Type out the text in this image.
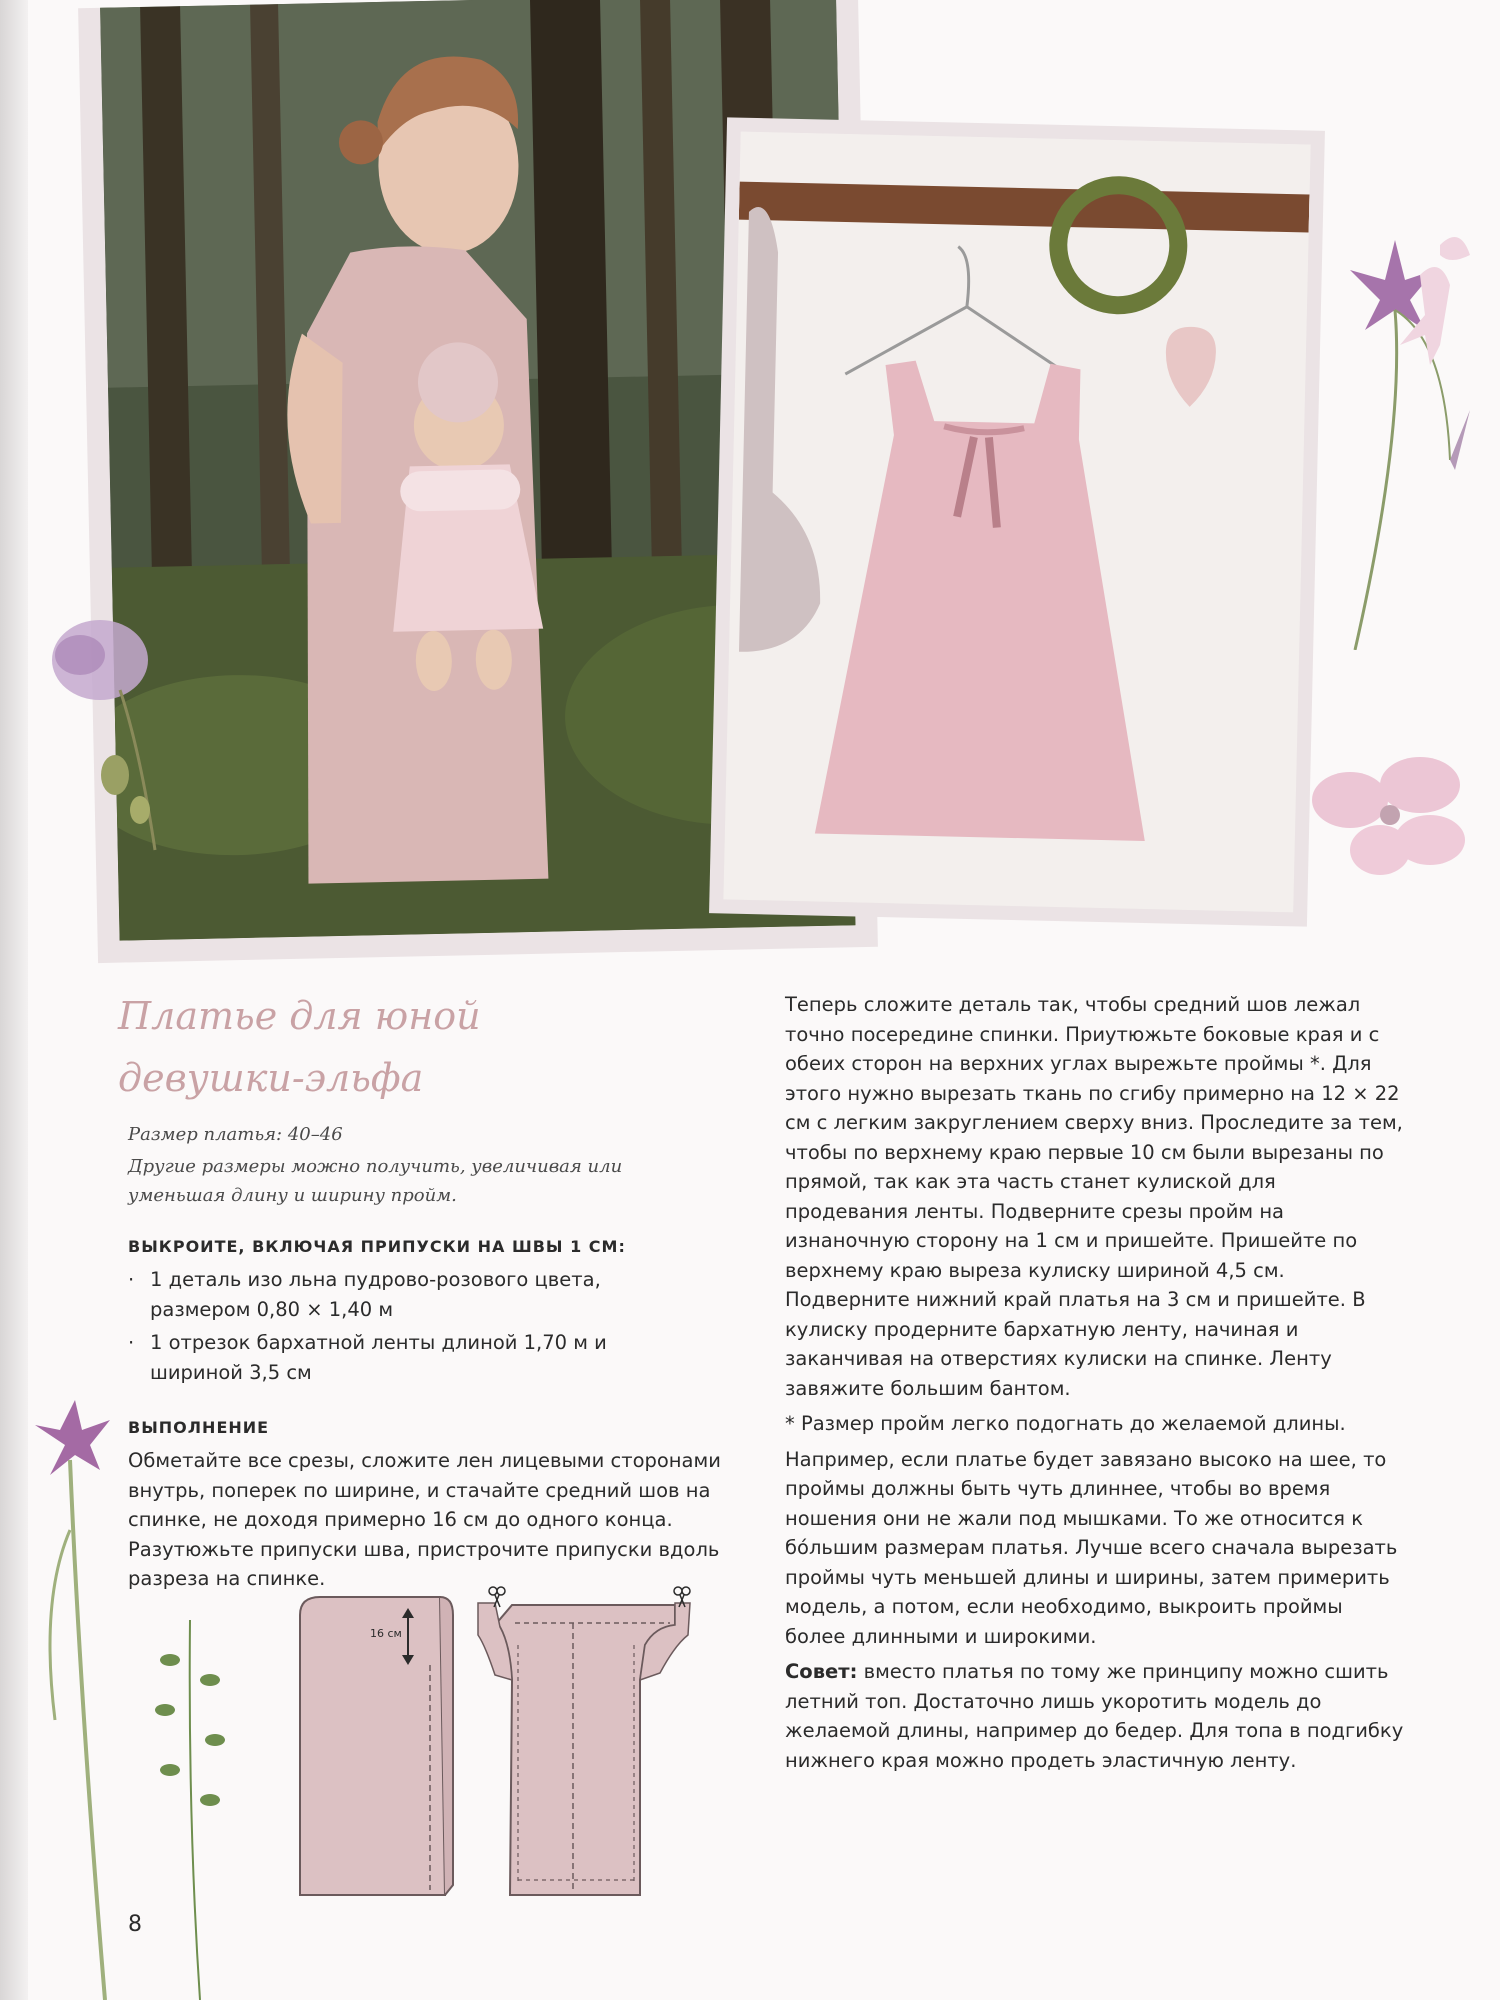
Платье для юной
девушки-эльфа
Размер платья: 40–46
Другие размеры можно получить, увеличивая или уменьшая длину и ширину пройм.
ВЫКРОИТЕ, ВКЛЮЧАЯ ПРИПУСКИ НА ШВЫ 1 СМ:
· 1 деталь изо льна пудрово-розового цвета, размером 0,80 × 1,40 м
· 1 отрезок бархатной ленты длиной 1,70 м и шириной 3,5 см
ВЫПОЛНЕНИЕ
Обметайте все срезы, сложите лен лицевыми сторонами внутрь, поперек по ширине, и стачайте средний шов на спинке, не доходя примерно 16 см до одного конца. Разутюжьте припуски шва, пристрочите припуски вдоль разреза на спинке.

Теперь сложите деталь так, чтобы средний шов лежал точно посередине спинки. Приутюжьте боковые края и с обеих сторон на верхних углах вырежьте проймы *. Для этого нужно вырезать ткань по сгибу примерно на 12 × 22 см с легким закруглением сверху вниз. Проследите за тем, чтобы по верхнему краю первые 10 см были вырезаны по прямой, так как эта часть станет кулиской для продевания ленты. Подверните срезы пройм на изнаночную сторону на 1 см и пришейте. Пришейте по верхнему краю выреза кулиску шириной 4,5 см. Подверните нижний край платья на 3 см и пришейте. В кулиску продерните бархатную ленту, начиная и заканчивая на отверстиях кулиски на спинке. Ленту завяжите большим бантом.

* Размер пройм легко подогнать до желаемой длины.

Например, если платье будет завязано высоко на шее, то проймы должны быть чуть длиннее, чтобы во время ношения они не жали под мышками. То же относится к бо́льшим размерам платья. Лучше всего сначала вырезать проймы чуть меньшей длины и ширины, затем примерить модель, а потом, если необходимо, выкроить проймы более длинными и широкими.

Совет: вместо платья по тому же принципу можно сшить летний топ. Достаточно лишь укоротить модель до желаемой длины, например до бедер. Для топа в подгибку нижнего края можно продеть эластичную ленту.

16 см
8
